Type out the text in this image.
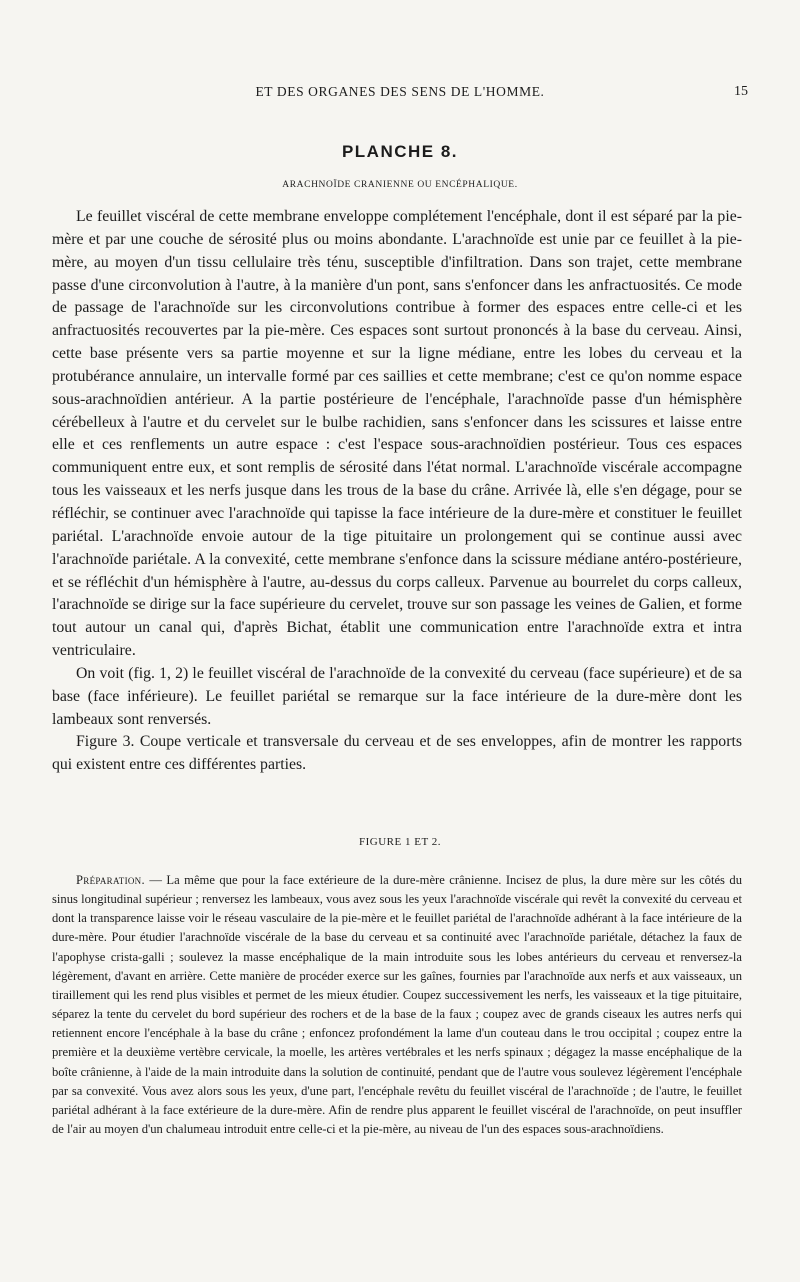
ET DES ORGANES DES SENS DE L'HOMME.	15
PLANCHE 8.
ARACHNOÏDE CRANIENNE OU ENCÉPHALIQUE.

Le feuillet viscéral de cette membrane enveloppe complétement l'encéphale, dont il est séparé par la pie-mère et par une couche de sérosité plus ou moins abondante. L'arachnoïde est unie par ce feuillet à la pie-mère, au moyen d'un tissu cellulaire très ténu, susceptible d'infiltration. Dans son trajet, cette membrane passe d'une circonvolution à l'autre, à la manière d'un pont, sans s'enfoncer dans les anfractuosités. Ce mode de passage de l'arachnoïde sur les circonvolutions contribue à former des espaces entre celle-ci et les anfractuosités recouvertes par la pie-mère. Ces espaces sont surtout prononcés à la base du cerveau. Ainsi, cette base présente vers sa partie moyenne et sur la ligne médiane, entre les lobes du cerveau et la protubérance annulaire, un intervalle formé par ces saillies et cette membrane; c'est ce qu'on nomme espace sous-arachnoïdien antérieur. A la partie postérieure de l'encéphale, l'arachnoïde passe d'un hémisphère cérébelleux à l'autre et du cervelet sur le bulbe rachidien, sans s'enfoncer dans les scissures et laisse entre elle et ces renflements un autre espace : c'est l'espace sous-arachnoïdien postérieur. Tous ces espaces communiquent entre eux, et sont remplis de sérosité dans l'état normal. L'arachnoïde viscérale accompagne tous les vaisseaux et les nerfs jusque dans les trous de la base du crâne. Arrivée là, elle s'en dégage, pour se réfléchir, se continuer avec l'arachnoïde qui tapisse la face intérieure de la dure-mère et constituer le feuillet pariétal. L'arachnoïde envoie autour de la tige pituitaire un prolongement qui se continue aussi avec l'arachnoïde pariétale. A la convexité, cette membrane s'enfonce dans la scissure médiane antéro-postérieure, et se réfléchit d'un hémisphère à l'autre, au-dessus du corps calleux. Parvenue au bourrelet du corps calleux, l'arachnoïde se dirige sur la face supérieure du cervelet, trouve sur son passage les veines de Galien, et forme tout autour un canal qui, d'après Bichat, établit une communication entre l'arachnoïde extra et intra ventriculaire.

On voit (fig. 1, 2) le feuillet viscéral de l'arachnoïde de la convexité du cerveau (face supérieure) et de sa base (face inférieure). Le feuillet pariétal se remarque sur la face intérieure de la dure-mère dont les lambeaux sont renversés.

Figure 3. Coupe verticale et transversale du cerveau et de ses enveloppes, afin de montrer les rapports qui existent entre ces différentes parties.

FIGURE 1 ET 2.

Préparation. — La même que pour la face extérieure de la dure-mère crânienne. Incisez de plus, la dure mère sur les côtés du sinus longitudinal supérieur ; renversez les lambeaux, vous avez sous les yeux l'arachnoïde viscérale qui revêt la convexité du cerveau et dont la transparence laisse voir le réseau vasculaire de la pie-mère et le feuillet pariétal de l'arachnoïde adhérant à la face intérieure de la dure-mère. Pour étudier l'arachnoïde viscérale de la base du cerveau et sa continuité avec l'arachnoïde pariétale, détachez la faux de l'apophyse crista-galli ; soulevez la masse encéphalique de la main introduite sous les lobes antérieurs du cerveau et renversez-la légèrement, d'avant en arrière. Cette manière de procéder exerce sur les gaînes, fournies par l'arachnoïde aux nerfs et aux vaisseaux, un tiraillement qui les rend plus visibles et permet de les mieux étudier. Coupez successivement les nerfs, les vaisseaux et la tige pituitaire, séparez la tente du cervelet du bord supérieur des rochers et de la base de la faux ; coupez avec de grands ciseaux les autres nerfs qui retiennent encore l'encéphale à la base du crâne ; enfoncez profondément la lame d'un couteau dans le trou occipital ; coupez entre la première et la deuxième vertèbre cervicale, la moelle, les artères vertébrales et les nerfs spinaux ; dégagez la masse encéphalique de la boîte crânienne, à l'aide de la main introduite dans la solution de continuité, pendant que de l'autre vous soulevez légèrement l'encéphale par sa convexité. Vous avez alors sous les yeux, d'une part, l'encéphale revêtu du feuillet viscéral de l'arachnoïde ; de l'autre, le feuillet pariétal adhérant à la face extérieure de la dure-mère. Afin de rendre plus apparent le feuillet viscéral de l'arachnoïde, on peut insuffler de l'air au moyen d'un chalumeau introduit entre celle-ci et la pie-mère, au niveau de l'un des espaces sous-arachnoïdiens.
